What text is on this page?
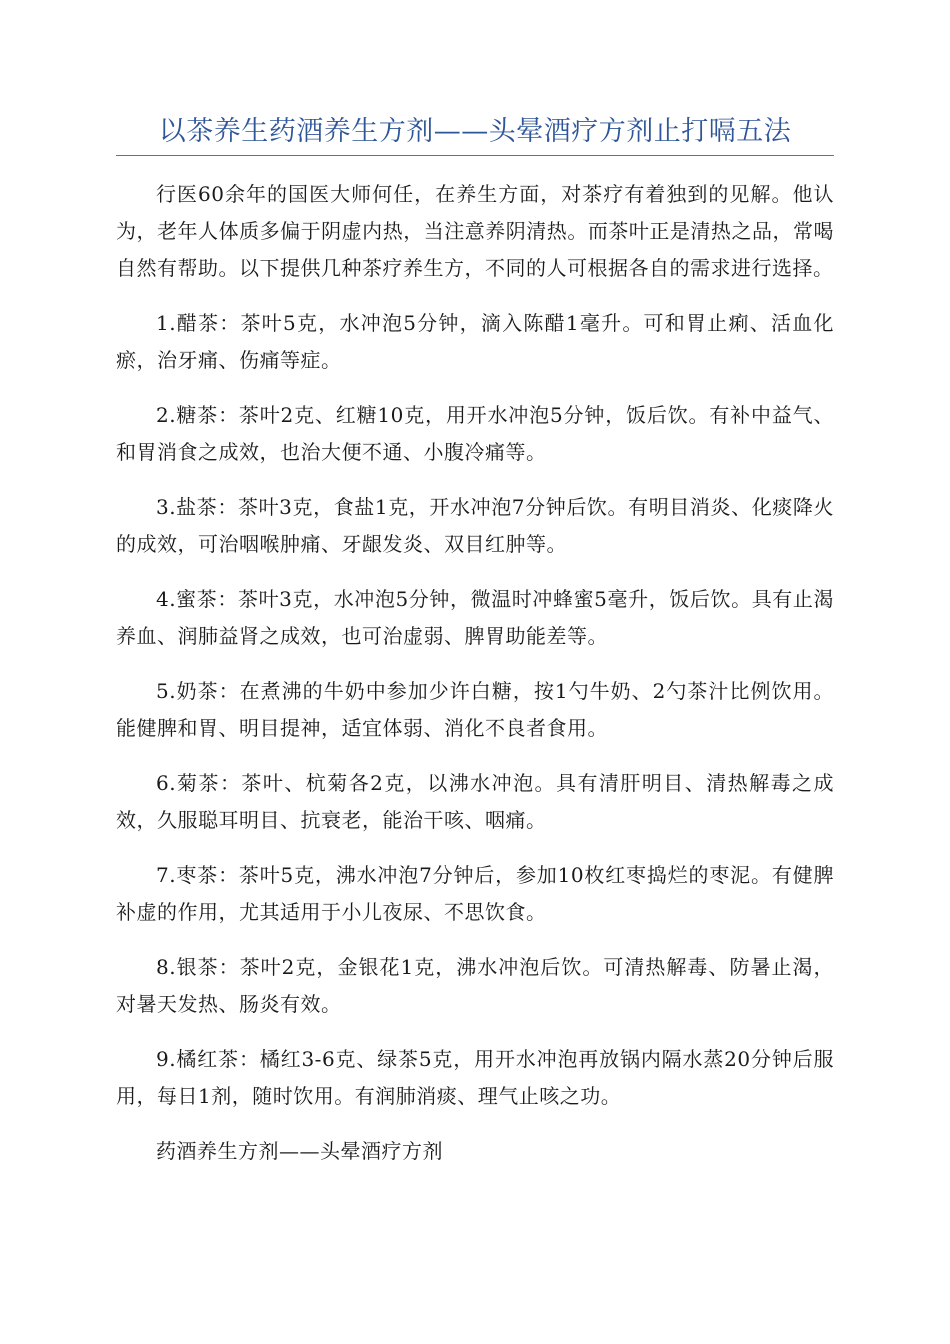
以茶养生药酒养生方剂——头晕酒疗方剂止打嗝五法

行医60余年的国医大师何任，在养生方面，对茶疗有着独到的见解。他认为，老年人体质多偏于阴虚内热，当注意养阴清热。而茶叶正是清热之品，常喝自然有帮助。以下提供几种茶疗养生方，不同的人可根据各自的需求进行选择。

1.醋茶：茶叶5克，水冲泡5分钟，滴入陈醋1毫升。可和胃止痢、活血化瘀，治牙痛、伤痛等症。

2.糖茶：茶叶2克、红糖10克，用开水冲泡5分钟，饭后饮。有补中益气、和胃消食之成效，也治大便不通、小腹冷痛等。

3.盐茶：茶叶3克，食盐1克，开水冲泡7分钟后饮。有明目消炎、化痰降火的成效，可治咽喉肿痛、牙龈发炎、双目红肿等。

4.蜜茶：茶叶3克，水冲泡5分钟，微温时冲蜂蜜5毫升，饭后饮。具有止渴养血、润肺益肾之成效，也可治虚弱、脾胃助能差等。

5.奶茶：在煮沸的牛奶中参加少许白糖，按1勺牛奶、2勺茶汁比例饮用。能健脾和胃、明目提神，适宜体弱、消化不良者食用。

6.菊茶：茶叶、杭菊各2克，以沸水冲泡。具有清肝明目、清热解毒之成效，久服聪耳明目、抗衰老，能治干咳、咽痛。

7.枣茶：茶叶5克，沸水冲泡7分钟后，参加10枚红枣捣烂的枣泥。有健脾补虚的作用，尤其适用于小儿夜尿、不思饮食。

8.银茶：茶叶2克，金银花1克，沸水冲泡后饮。可清热解毒、防暑止渴，对暑天发热、肠炎有效。

9.橘红茶：橘红3-6克、绿茶5克，用开水冲泡再放锅内隔水蒸20分钟后服用，每日1剂，随时饮用。有润肺消痰、理气止咳之功。

药酒养生方剂——头晕酒疗方剂
